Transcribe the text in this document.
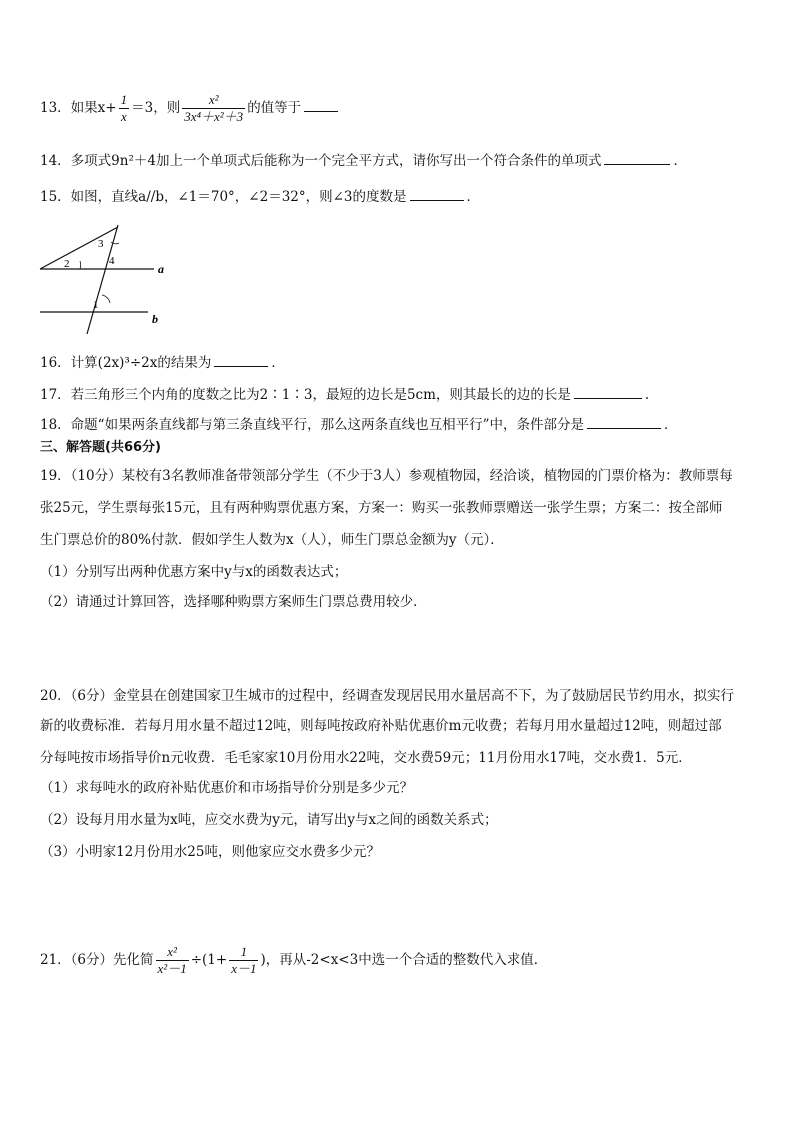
13．如果$x+ \frac{1}{x} =3$，则 $\frac{\text{x²}}{\text{3x⁴＋x²＋3}}$ 的值等于
14．多项式9n²＋4加上一个单项式后能称为一个完全平方式，请你写出一个符合条件的单项式	．
15．如图，直线a//b，∠1＝70°，∠2＝32°，则∠3的度数是	．
3
2	4
1
a
b
16．计算(2x)³÷2x的结果为	．
17．若三角形三个内角的度数之比为2∶1∶3，最短的边长是5cm，则其最长的边的长是	.
18．命题“如果两条直线都与第三条直线平行，那么这两条直线也互相平行”中，条件部分是	．
三、解答题(共66分)
19．（10分）某校有3名教师准备带领部分学生（不少于3人）参观植物园，经洽谈，植物园的门票价格为：教师票每
张25元，学生票每张15元，且有两种购票优惠方案，方案一：购买一张教师票赠送一张学生票；方案二：按全部师
生门票总价的80%付款．假如学生人数为x（人），师生门票总金额为y（元）．
（1）分别写出两种优惠方案中y与x的函数表达式；
（2）请通过计算回答，选择哪种购票方案师生门票总费用较少．
20．（6分）金堂县在创建国家卫生城市的过程中，经调查发现居民用水量居高不下，为了鼓励居民节约用水，拟实行
新的收费标准．若每月用水量不超过12吨，则每吨按政府补贴优惠价m元收费；若每月用水量超过12吨，则超过部
分每吨按市场指导价n元收费．毛毛家家10月份用水22吨，交水费59元；11月份用水17吨，交水费1．5元．
（1）求每吨水的政府补贴优惠价和市场指导价分别是多少元？
（2）设每月用水量为x吨，应交水费为y元，请写出y与x之间的函数关系式；
（3）小明家12月份用水25吨，则他家应交水费多少元？
21．（6分）先化简 $\frac{\text{x²}}{\text{x²－1}} \div(1+ \frac{1}{x-1}$ )，再从-2<x<3中选一个合适的整数代入求值．
